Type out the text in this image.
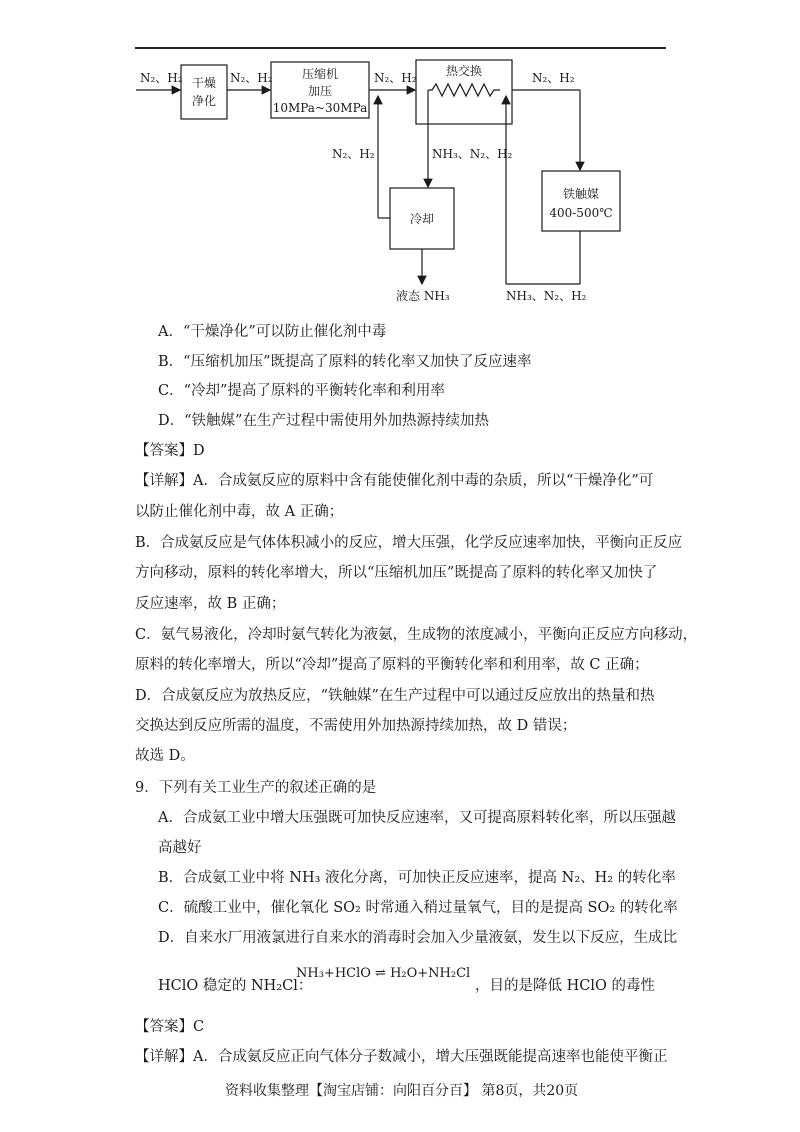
N₂、H₂ 干燥
净化
N₂、H₂ 压缩机
加压
10MPa~30MPa
N₂、H₂ 热交换	N₂、H₂
铁触媒
400-500℃
N₂、H₂	NH₃、N₂、H₂
冷却
液态 NH₃	NH₃、N₂、H₂
A．“干燥净化”可以防止催化剂中毒
B．“压缩机加压”既提高了原料的转化率又加快了反应速率
C．“冷却”提高了原料的平衡转化率和利用率
D．“铁触媒”在生产过程中需使用外加热源持续加热
【答案】D
【详解】A．合成氨反应的原料中含有能使催化剂中毒的杂质，所以“干燥净化”可
以防止催化剂中毒，故 A 正确；
B．合成氨反应是气体体积减小的反应，增大压强，化学反应速率加快，平衡向正反应
方向移动，原料的转化率增大，所以“压缩机加压”既提高了原料的转化率又加快了
反应速率，故 B 正确；
C．氨气易液化，冷却时氨气转化为液氨，生成物的浓度减小，平衡向正反应方向移动，
原料的转化率增大，所以“冷却”提高了原料的平衡转化率和利用率，故 C 正确；
D．合成氨反应为放热反应，“铁触媒”在生产过程中可以通过反应放出的热量和热
交换达到反应所需的温度，不需使用外加热源持续加热，故 D 错误；
故选 D。
9．下列有关工业生产的叙述正确的是
A．合成氨工业中增大压强既可加快反应速率，又可提高原料转化率，所以压强越
高越好
B．合成氨工业中将 NH₃ 液化分离，可加快正反应速率，提高 N₂、H₂ 的转化率
C．硫酸工业中，催化氧化 SO₂ 时常通入稍过量氧气，目的是提高 SO₂ 的转化率
D．自来水厂用液氯进行自来水的消毒时会加入少量液氨，发生以下反应，生成比
HClO 稳定的 NH₂Cl：
NH₃+HClO ⇌ H₂O+NH₂Cl
，目的是降低 HClO 的毒性
【答案】C
【详解】A．合成氨反应正向气体分子数减小，增大压强既能提高速率也能使平衡正
资料收集整理【淘宝店铺：向阳百分百】 第8页，共20页
